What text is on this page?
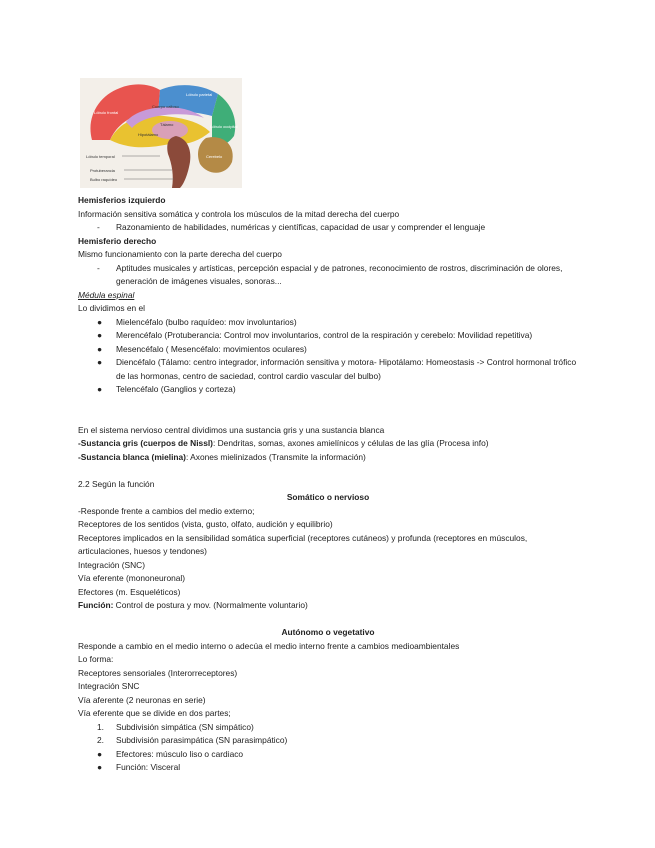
Cuerpo calloso
Tálamo
Hipotálamo
Lóbulo parietal
Lóbulo frontal
Lóbulo occipital
Cerebelo
Lóbulo temporal
Protuberancia
Bulbo raquídeo
Hemisferios izquierdo
Información sensitiva somática y controla los músculos de la mitad derecha del cuerpo
- Razonamiento de habilidades, numéricas y científicas, capacidad de usar y comprender el lenguaje
Hemisferio derecho
Mismo funcionamiento con la parte derecha del cuerpo
- Aptitudes musicales y artísticas, percepción espacial y de patrones, reconocimiento de rostros, discriminación de olores, generación de imágenes visuales, sonoras...
Médula espinal
Lo dividimos en el
● Mielencéfalo (bulbo raquídeo: mov involuntarios)
● Merencéfalo (Protuberancia: Control mov involuntarios, control de la respiración y cerebelo: Movilidad repetitiva)
● Mesencéfalo ( Mesencéfalo: movimientos oculares)
● Diencéfalo (Tálamo: centro integrador, información sensitiva y motora- Hipotálamo: Homeostasis -> Control hormonal trófico de las hormonas, centro de saciedad, control cardio vascular del bulbo)
● Telencéfalo (Ganglios y corteza)
En el sistema nervioso central dividimos una sustancia gris y una sustancia blanca
-Sustancia gris (cuerpos de Nissl): Dendritas, somas, axones amielínicos y células de las glía (Procesa info)
-Sustancia blanca (mielina): Axones mielinizados (Transmite la información)
2.2 Según la función
Somático o nervioso
-Responde frente a cambios del medio externo;
Receptores de los sentidos (vista, gusto, olfato, audición y equilibrio)
Receptores implicados en la sensibilidad somática superficial (receptores cutáneos) y profunda (receptores en músculos, articulaciones, huesos y tendones)
Integración (SNC)
Vía eferente (mononeuronal)
Efectores (m. Esqueléticos)
Función: Control de postura y mov. (Normalmente voluntario)
Autónomo o vegetativo
Responde a cambio en el medio interno o adecúa el medio interno frente a cambios medioambientales
Lo forma:
Receptores sensoriales (Interorreceptores)
Integración SNC
Vía aferente (2 neuronas en serie)
Vía eferente que se divide en dos partes;
1. Subdivisión simpática (SN simpático)
2. Subdivisión parasimpática (SN parasimpático)
● Efectores: músculo liso o cardiaco
● Función: Visceral
